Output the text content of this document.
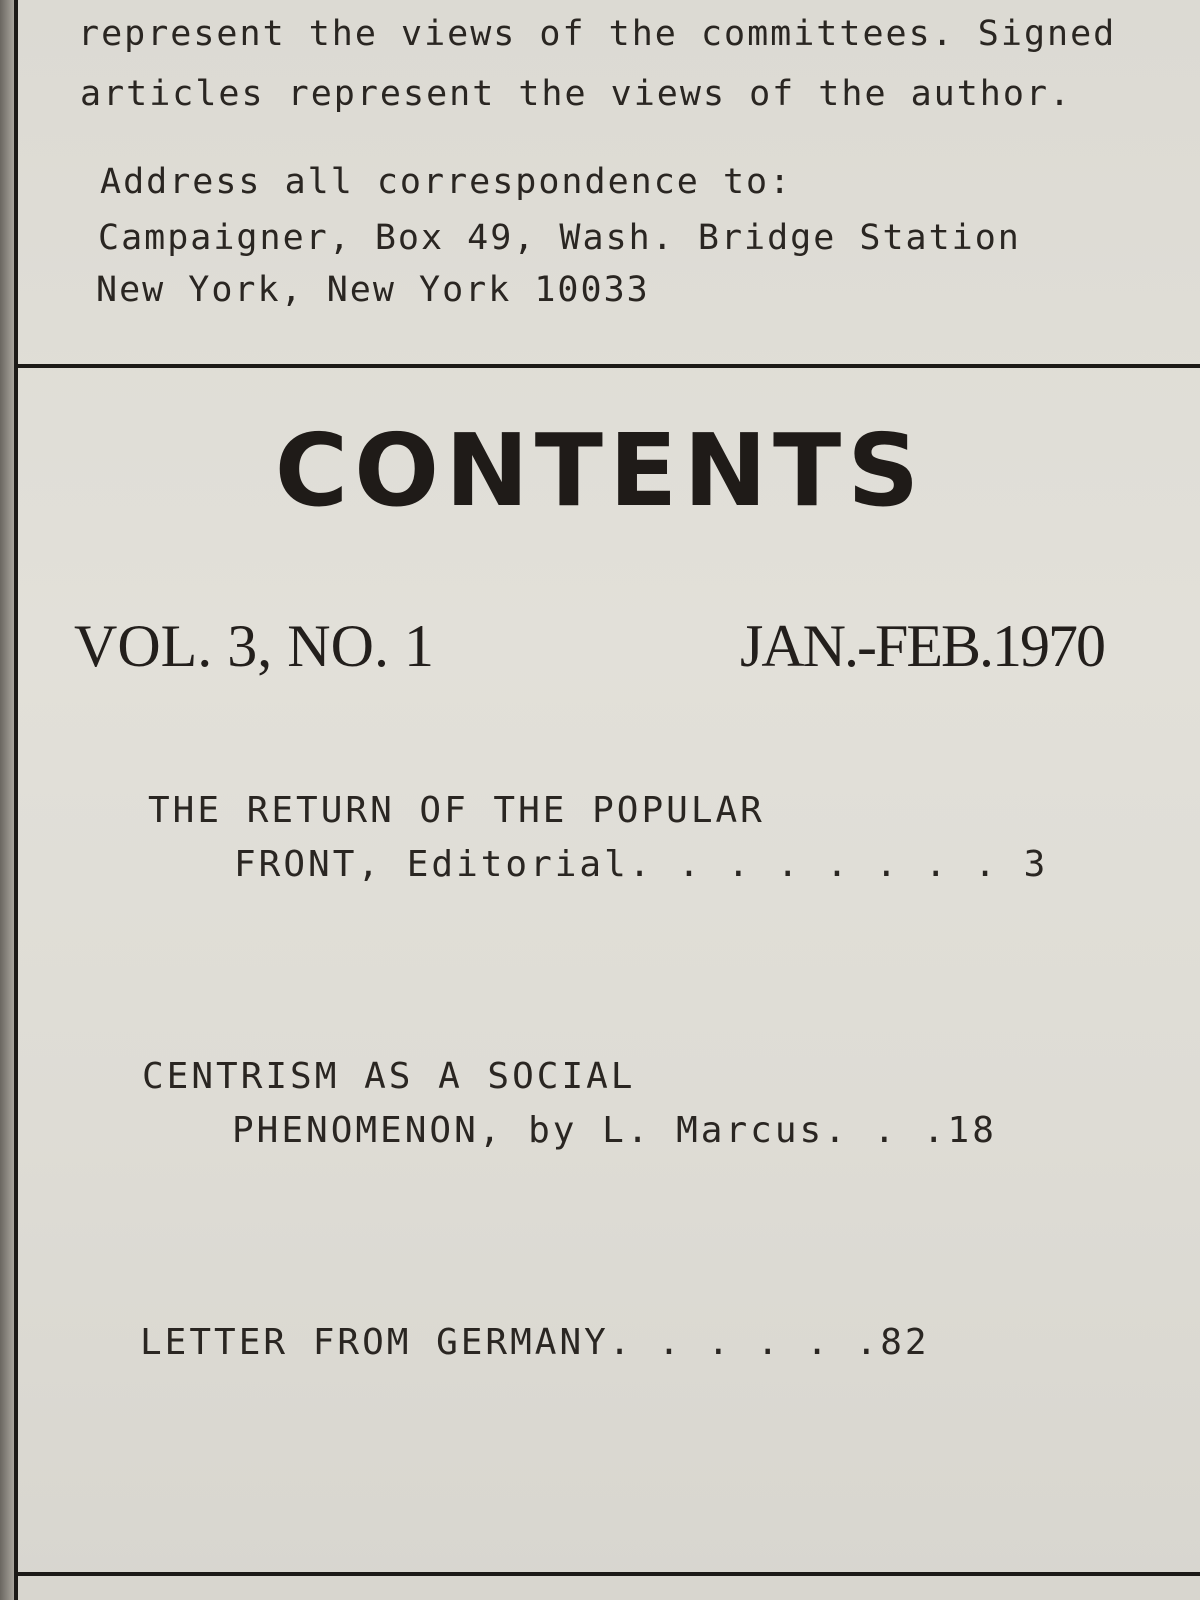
represent the views of the committees. Signed
articles represent the views of the author.
Address all correspondence to:
Campaigner, Box 49, Wash. Bridge Station
New York, New York 10033
CONTENTS
VOL. 3, NO. 1	JAN.-FEB.1970
THE RETURN OF THE POPULAR
FRONT, Editorial. . . . . . . . 3
CENTRISM AS A SOCIAL
PHENOMENON, by L. Marcus. . .18
LETTER FROM GERMANY. . . . . .82
